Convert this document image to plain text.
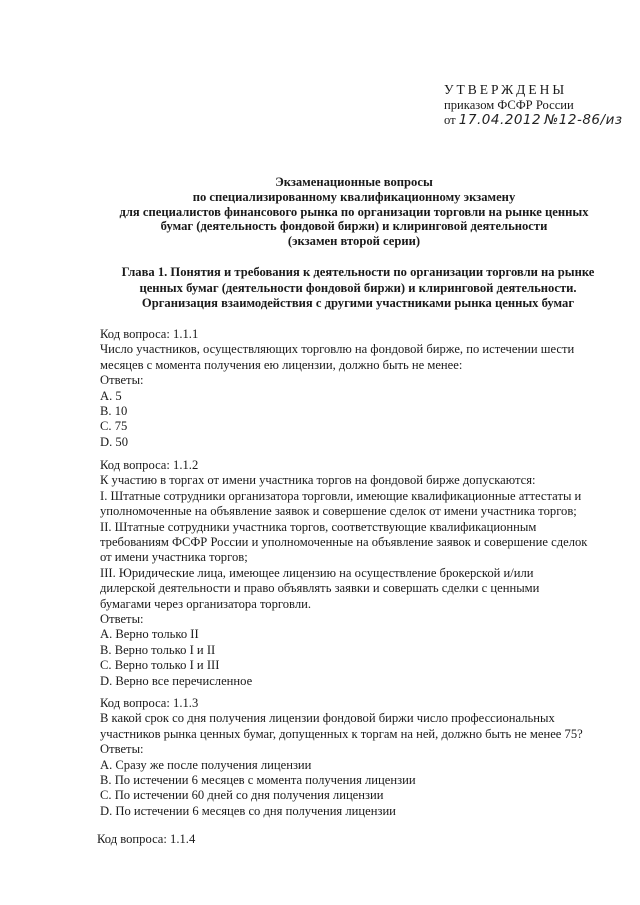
УТВЕРЖДЕНЫ
приказом ФСФР России
от 17.04.2012 №12-86/из
Экзаменационные вопросы
по специализированному квалификационному экзамену
для специалистов финансового рынка по организации торговли на рынке ценных
бумаг (деятельность фондовой биржи) и клиринговой деятельности
(экзамен второй серии)
Глава 1. Понятия и требования к деятельности по организации торговли на рынке
ценных бумаг (деятельности фондовой биржи) и клиринговой деятельности.
Организация взаимодействия с другими участниками рынка ценных бумаг
Код вопроса: 1.1.1
Число участников, осуществляющих торговлю на фондовой бирже, по истечении шести
месяцев с момента получения ею лицензии, должно быть не менее:
Ответы:
A. 5
B. 10
C. 75
D. 50
Код вопроса: 1.1.2
К участию в торгах от имени участника торгов на фондовой бирже допускаются:
I. Штатные сотрудники организатора торговли, имеющие квалификационные аттестаты и
уполномоченные на объявление заявок и совершение сделок от имени участника торгов;
II. Штатные сотрудники участника торгов, соответствующие квалификационным
требованиям ФСФР России и уполномоченные на объявление заявок и совершение сделок
от имени участника торгов;
III. Юридические лица, имеющее лицензию на осуществление брокерской и/или
дилерской деятельности и право объявлять заявки и совершать сделки с ценными
бумагами через организатора торговли.
Ответы:
A. Верно только II
B. Верно только I и II
C. Верно только I и III
D. Верно все перечисленное
Код вопроса: 1.1.3
В какой срок со дня получения лицензии фондовой биржи число профессиональных
участников рынка ценных бумаг, допущенных к торгам на ней, должно быть не менее 75?
Ответы:
A. Сразу же после получения лицензии
B. По истечении 6 месяцев с момента получения лицензии
C. По истечении 60 дней со дня получения лицензии
D. По истечении 6 месяцев со дня получения лицензии
Код вопроса: 1.1.4
